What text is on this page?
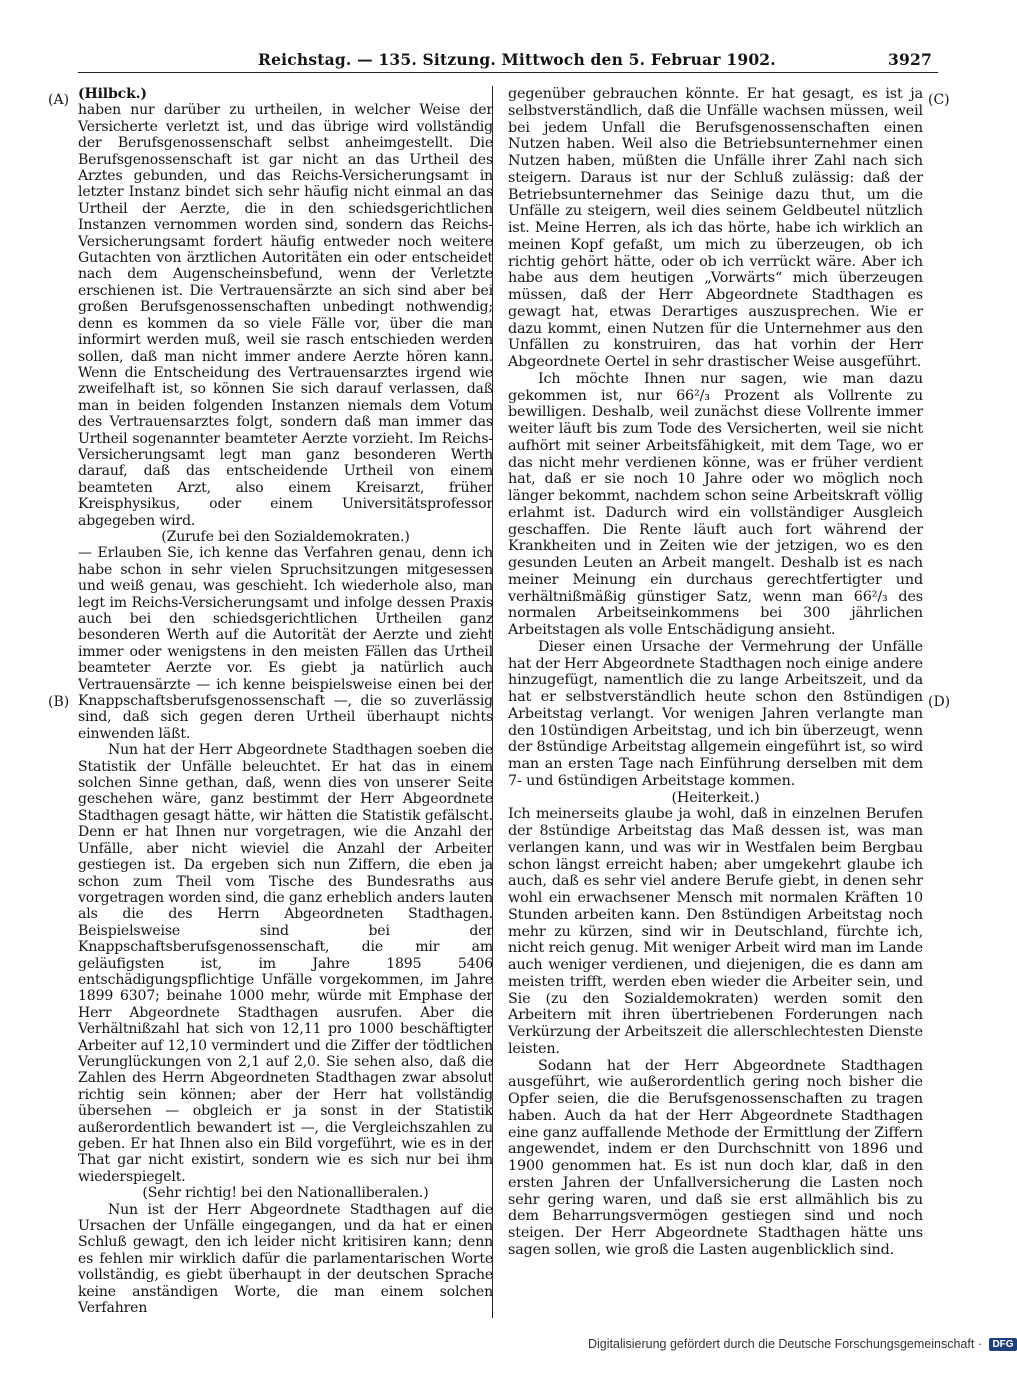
Reichstag. — 135. Sitzung. Mittwoch den 5. Februar 1902.	3927
(A)
(B)
(C)
(D)

(Hilbck.)

haben nur darüber zu urtheilen, in welcher Weise der Versicherte verletzt ist, und das übrige wird vollständig der Berufsgenossenschaft selbst anheimgestellt. Die Berufsgenossenschaft ist gar nicht an das Urtheil des Arztes gebunden, und das Reichs-Versicherungsamt in letzter Instanz bindet sich sehr häufig nicht einmal an das Urtheil der Aerzte, die in den schiedsgerichtlichen Instanzen vernommen worden sind, sondern das Reichs-Versicherungsamt fordert häufig entweder noch weitere Gutachten von ärztlichen Autoritäten ein oder entscheidet nach dem Augenscheinsbefund, wenn der Verletzte erschienen ist. Die Vertrauensärzte an sich sind aber bei großen Berufsgenossenschaften unbedingt nothwendig; denn es kommen da so viele Fälle vor, über die man informirt werden muß, weil sie rasch entschieden werden sollen, daß man nicht immer andere Aerzte hören kann. Wenn die Entscheidung des Vertrauensarztes irgend wie zweifelhaft ist, so können Sie sich darauf verlassen, daß man in beiden folgenden Instanzen niemals dem Votum des Vertrauensarztes folgt, sondern daß man immer das Urtheil sogenannter beamteter Aerzte vorzieht. Im Reichs-Versicherungsamt legt man ganz besonderen Werth darauf, daß das entscheidende Urtheil von einem beamteten Arzt, also einem Kreisarzt, früher Kreisphysikus, oder einem Universitätsprofessor abgegeben wird.

(Zurufe bei den Sozialdemokraten.)

— Erlauben Sie, ich kenne das Verfahren genau, denn ich habe schon in sehr vielen Spruchsitzungen mitgesessen und weiß genau, was geschieht. Ich wiederhole also, man legt im Reichs-Versicherungsamt und infolge dessen Praxis auch bei den schiedsgerichtlichen Urtheilen ganz besonderen Werth auf die Autorität der Aerzte und zieht immer oder wenigstens in den meisten Fällen das Urtheil beamteter Aerzte vor. Es giebt ja natürlich auch Vertrauensärzte — ich kenne beispielsweise einen bei der Knappschaftsberufsgenossenschaft —, die so zuverlässig sind, daß sich gegen deren Urtheil überhaupt nichts einwenden läßt.

Nun hat der Herr Abgeordnete Stadthagen soeben die Statistik der Unfälle beleuchtet. Er hat das in einem solchen Sinne gethan, daß, wenn dies von unserer Seite geschehen wäre, ganz bestimmt der Herr Abgeordnete Stadthagen gesagt hätte, wir hätten die Statistik gefälscht. Denn er hat Ihnen nur vorgetragen, wie die Anzahl der Unfälle, aber nicht wieviel die Anzahl der Arbeiter gestiegen ist. Da ergeben sich nun Ziffern, die eben ja schon zum Theil vom Tische des Bundesraths aus vorgetragen worden sind, die ganz erheblich anders lauten als die des Herrn Abgeordneten Stadthagen. Beispielsweise sind bei der Knappschaftsberufsgenossenschaft, die mir am geläufigsten ist, im Jahre 1895 5406 entschädigungspflichtige Unfälle vorgekommen, im Jahre 1899 6307; beinahe 1000 mehr, würde mit Emphase der Herr Abgeordnete Stadthagen ausrufen. Aber die Verhältnißzahl hat sich von 12,11 pro 1000 beschäftigter Arbeiter auf 12,10 vermindert und die Ziffer der tödtlichen Verunglückungen von 2,1 auf 2,0. Sie sehen also, daß die Zahlen des Herrn Abgeordneten Stadthagen zwar absolut richtig sein können; aber der Herr hat vollständig übersehen — obgleich er ja sonst in der Statistik außerordentlich bewandert ist —, die Vergleichszahlen zu geben. Er hat Ihnen also ein Bild vorgeführt, wie es in der That gar nicht existirt, sondern wie es sich nur bei ihm wiederspiegelt.

(Sehr richtig! bei den Nationalliberalen.)

Nun ist der Herr Abgeordnete Stadthagen auf die Ursachen der Unfälle eingegangen, und da hat er einen Schluß gewagt, den ich leider nicht kritisiren kann; denn es fehlen mir wirklich dafür die parlamentarischen Worte vollständig, es giebt überhaupt in der deutschen Sprache keine anständigen Worte, die man einem solchen Verfahren

gegenüber gebrauchen könnte. Er hat gesagt, es ist ja selbstverständlich, daß die Unfälle wachsen müssen, weil bei jedem Unfall die Berufsgenossenschaften einen Nutzen haben. Weil also die Betriebsunternehmer einen Nutzen haben, müßten die Unfälle ihrer Zahl nach sich steigern. Daraus ist nur der Schluß zulässig: daß der Betriebsunternehmer das Seinige dazu thut, um die Unfälle zu steigern, weil dies seinem Geldbeutel nützlich ist. Meine Herren, als ich das hörte, habe ich wirklich an meinen Kopf gefaßt, um mich zu überzeugen, ob ich richtig gehört hätte, oder ob ich verrückt wäre. Aber ich habe aus dem heutigen „Vorwärts“ mich überzeugen müssen, daß der Herr Abgeordnete Stadthagen es gewagt hat, etwas Derartiges auszusprechen. Wie er dazu kommt, einen Nutzen für die Unternehmer aus den Unfällen zu konstruiren, das hat vorhin der Herr Abgeordnete Oertel in sehr drastischer Weise ausgeführt.

Ich möchte Ihnen nur sagen, wie man dazu gekommen ist, nur 66²/₃ Prozent als Vollrente zu bewilligen. Deshalb, weil zunächst diese Vollrente immer weiter läuft bis zum Tode des Versicherten, weil sie nicht aufhört mit seiner Arbeitsfähigkeit, mit dem Tage, wo er das nicht mehr verdienen könne, was er früher verdient hat, daß er sie noch 10 Jahre oder wo möglich noch länger bekommt, nachdem schon seine Arbeitskraft völlig erlahmt ist. Dadurch wird ein vollständiger Ausgleich geschaffen. Die Rente läuft auch fort während der Krankheiten und in Zeiten wie der jetzigen, wo es den gesunden Leuten an Arbeit mangelt. Deshalb ist es nach meiner Meinung ein durchaus gerechtfertigter und verhältnißmäßig günstiger Satz, wenn man 66²/₃ des normalen Arbeitseinkommens bei 300 jährlichen Arbeitstagen als volle Entschädigung ansieht.

Dieser einen Ursache der Vermehrung der Unfälle hat der Herr Abgeordnete Stadthagen noch einige andere hinzugefügt, namentlich die zu lange Arbeitszeit, und da hat er selbstverständlich heute schon den 8stündigen Arbeitstag verlangt. Vor wenigen Jahren verlangte man den 10stündigen Arbeitstag, und ich bin überzeugt, wenn der 8stündige Arbeitstag allgemein eingeführt ist, so wird man an ersten Tage nach Einführung derselben mit dem 7- und 6stündigen Arbeitstage kommen.

(Heiterkeit.)

Ich meinerseits glaube ja wohl, daß in einzelnen Berufen der 8stündige Arbeitstag das Maß dessen ist, was man verlangen kann, und was wir in Westfalen beim Bergbau schon längst erreicht haben; aber umgekehrt glaube ich auch, daß es sehr viel andere Berufe giebt, in denen sehr wohl ein erwachsener Mensch mit normalen Kräften 10 Stunden arbeiten kann. Den 8stündigen Arbeitstag noch mehr zu kürzen, sind wir in Deutschland, fürchte ich, nicht reich genug. Mit weniger Arbeit wird man im Lande auch weniger verdienen, und diejenigen, die es dann am meisten trifft, werden eben wieder die Arbeiter sein, und Sie (zu den Sozialdemokraten) werden somit den Arbeitern mit ihren übertriebenen Forderungen nach Verkürzung der Arbeitszeit die allerschlechtesten Dienste leisten.

Sodann hat der Herr Abgeordnete Stadthagen ausgeführt, wie außerordentlich gering noch bisher die Opfer seien, die die Berufsgenossenschaften zu tragen haben. Auch da hat der Herr Abgeordnete Stadthagen eine ganz auffallende Methode der Ermittlung der Ziffern angewendet, indem er den Durchschnitt von 1896 und 1900 genommen hat. Es ist nun doch klar, daß in den ersten Jahren der Unfallversicherung die Lasten noch sehr gering waren, und daß sie erst allmählich bis zu dem Beharrungsvermögen gestiegen sind und noch steigen. Der Herr Abgeordnete Stadthagen hätte uns sagen sollen, wie groß die Lasten augenblicklich sind.

Digitalisierung gefördert durch die Deutsche Forschungsgemeinschaft · DFG
